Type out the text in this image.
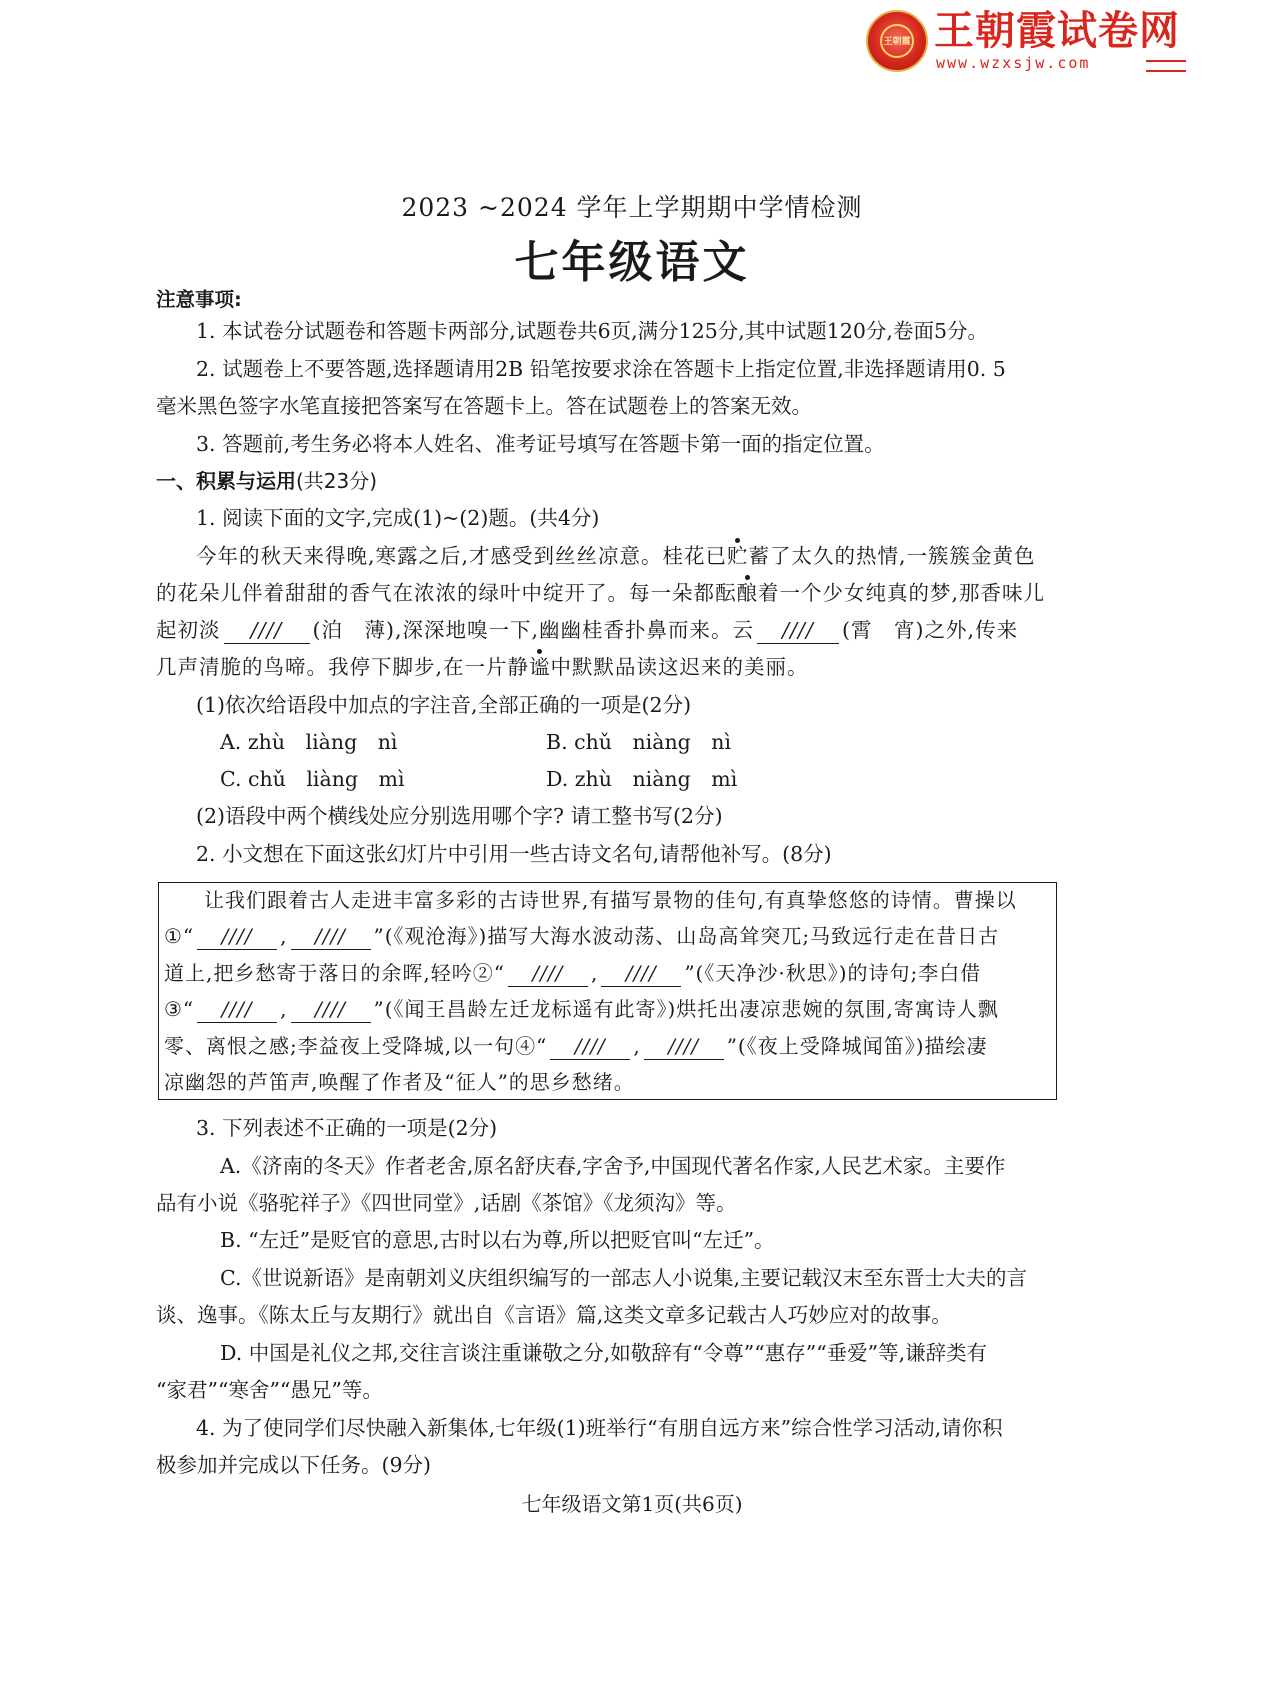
王朝霞 王朝霞试卷网
www.wzxsjw.com
2023 ~2024 学年上学期期中学情检测
七年级语文
注意事项:
1. 本试卷分试题卷和答题卡两部分,试题卷共6页,满分125分,其中试题120分,卷面5分。
2. 试题卷上不要答题,选择题请用2B 铅笔按要求涂在答题卡上指定位置,非选择题请用0. 5
毫米黑色签字水笔直接把答案写在答题卡上。答在试题卷上的答案无效。
3. 答题前,考生务必将本人姓名、准考证号填写在答题卡第一面的指定位置。
一、积累与运用(共23分)
1. 阅读下面的文字,完成(1)~(2)题。(共4分)
今年的秋天来得晚,寒露之后,才感受到丝丝凉意。桂花已贮蓄了太久的热情,一簇簇金黄色
的花朵儿伴着甜甜的香气在浓浓的绿叶中绽开了。每一朵都酝酿着一个少女纯真的梦,那香味儿
起初淡 //// (泊　薄),深深地嗅一下,幽幽桂香扑鼻而来。云 //// (霄　宵)之外,传来
几声清脆的鸟啼。我停下脚步,在一片静谧中默默品读这迟来的美丽。
(1)依次给语段中加点的字注音,全部正确的一项是(2分)
A. zhù　liàng　nì	B. chǔ　niàng　nì
C. chǔ　liàng　mì	D. zhù　niàng　mì
(2)语段中两个横线处应分别选用哪个字? 请工整书写(2分)
2. 小文想在下面这张幻灯片中引用一些古诗文名句,请帮他补写。(8分)
让我们跟着古人走进丰富多彩的古诗世界,有描写景物的佳句,有真挚悠悠的诗情。曹操以
①“ //// , //// ”(《观沧海》)描写大海水波动荡、山岛高耸突兀;马致远行走在昔日古
道上,把乡愁寄于落日的余晖,轻吟②“ //// , //// ”(《天净沙·秋思》)的诗句;李白借
③“ //// , //// ”(《闻王昌龄左迁龙标遥有此寄》)烘托出凄凉悲婉的氛围,寄寓诗人飘
零、离恨之感;李益夜上受降城,以一句④“ //// , //// ”(《夜上受降城闻笛》)描绘凄
凉幽怨的芦笛声,唤醒了作者及“征人”的思乡愁绪。
3. 下列表述不正确的一项是(2分)
A.《济南的冬天》作者老舍,原名舒庆春,字舍予,中国现代著名作家,人民艺术家。主要作
品有小说《骆驼祥子》《四世同堂》,话剧《茶馆》《龙须沟》等。
B. “左迁”是贬官的意思,古时以右为尊,所以把贬官叫“左迁”。
C.《世说新语》是南朝刘义庆组织编写的一部志人小说集,主要记载汉末至东晋士大夫的言
谈、逸事。《陈太丘与友期行》就出自《言语》篇,这类文章多记载古人巧妙应对的故事。
D. 中国是礼仪之邦,交往言谈注重谦敬之分,如敬辞有“令尊”“惠存”“垂爱”等,谦辞类有
“家君”“寒舍”“愚兄”等。
4. 为了使同学们尽快融入新集体,七年级(1)班举行“有朋自远方来”综合性学习活动,请你积
极参加并完成以下任务。(9分)
七年级语文第1页(共6页)
